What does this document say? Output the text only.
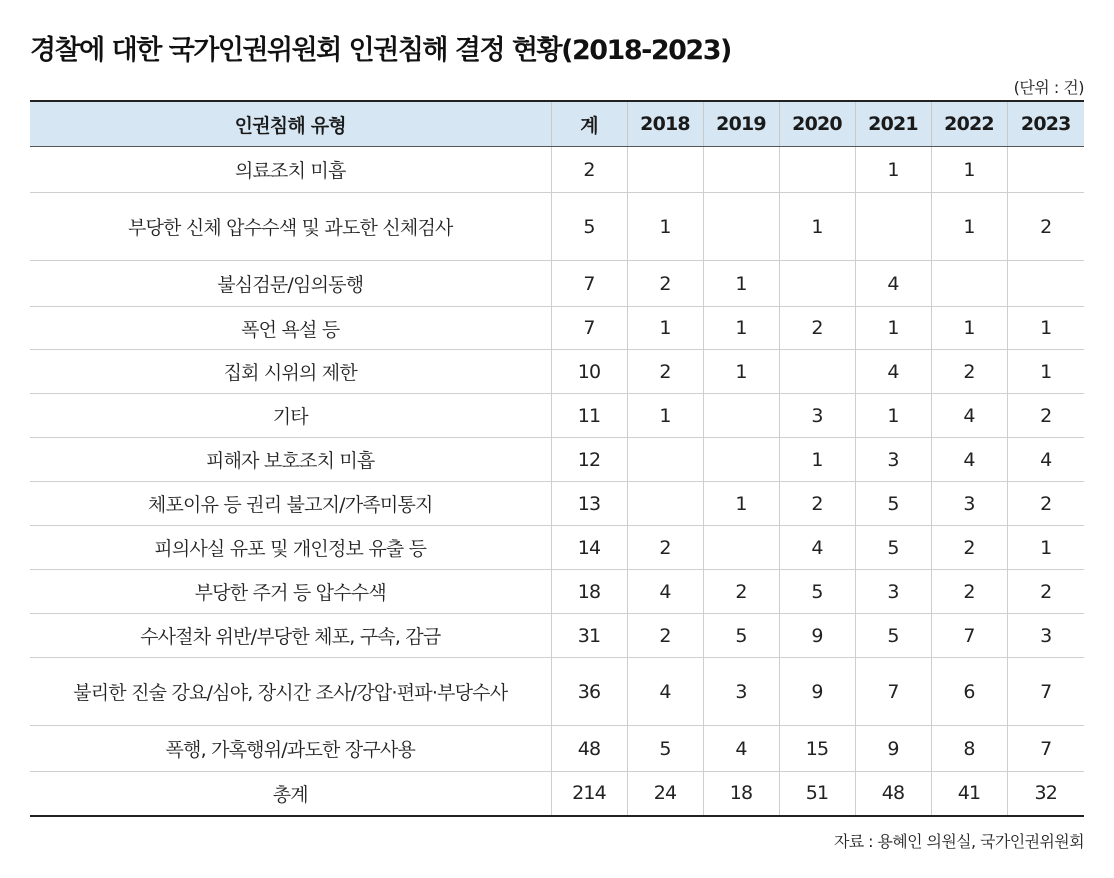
경찰에 대한 국가인권위원회 인권침해 결정 현황(2018-2023)
(단위 : 건)
인권침해 유형	계	2018	2019	2020	2021	2022	2023
의료조치 미흡	2				1	1	
부당한 신체 압수수색 및 과도한 신체검사	5	1		1		1	2
불심검문/임의동행	7	2	1		4		
폭언 욕설 등	7	1	1	2	1	1	1
집회 시위의 제한	10	2	1		4	2	1
기타	11	1		3	1	4	2
피해자 보호조치 미흡	12			1	3	4	4
체포이유 등 권리 불고지/가족미통지	13		1	2	5	3	2
피의사실 유포 및 개인정보 유출 등	14	2		4	5	2	1
부당한 주거 등 압수수색	18	4	2	5	3	2	2
수사절차 위반/부당한 체포, 구속, 감금	31	2	5	9	5	7	3
불리한 진술 강요/심야, 장시간 조사/강압·편파·부당수사	36	4	3	9	7	6	7
폭행, 가혹행위/과도한 장구사용	48	5	4	15	9	8	7
총계	214	24	18	51	48	41	32
자료 : 용혜인 의원실, 국가인권위원회
